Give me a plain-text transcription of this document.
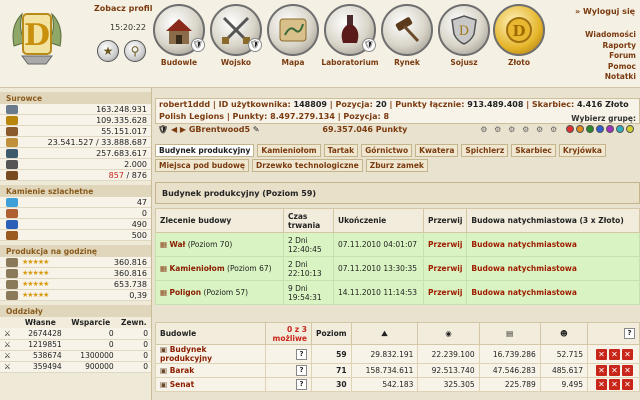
D
Zobacz profil
15:20:22
★	⚲	🛡
Budowle
🛡
Wojsko	Mapa
🛡
Laboratorium	Rynek
D
Sojusz
D
Złoto
» Wyloguj się
Wiadomości
Raporty
Forum
Pomoc
Notatki
Surowce
163.248.931
109.335.628
55.151.017
23.541.527 / 33.888.687
257.683.617
2.000
857 / 876
Kamienie szlachetne
47
0
490
500
Produkcja na godzinę
★★★★★	360.816
★★★★★	360.816
★★★★★	653.738
★★★★★	0,39
Oddziały
	Własne	Wsparcie	Zewn.
⚔	2674428	0	0
⚔	1219851	0	0
⚔	538674	1300000	0
⚔	359494	900000	0
robert1ddd | ID użytkownika: 148809 | Pozycja: 20 | Punkty łącznie: 913.489.408 | Skarbiec: 4.416 Złoto
Polish Legions | Punkty: 8.497.279.134 | Pozycja: 8
🛡 ◀ ▶ GBrentwood5 ✎	69.357.046 Punkty	⚙ ⚙ ⚙ ⚙ ⚙ ⚙
Wybierz grupę:
Budynek produkcyjny	Kamieniołom	Tartak	Górnictwo	Kwatera	Spichlerz	Skarbiec	Kryjówka
Miejsca pod budowę	Drzewko technologiczne	Zburz zamek
Budynek produkcyjny (Poziom 59)
Zlecenie budowy	Czas trwania	Ukończenie	Przerwij	Budowa natychmiastowa (3 x Złoto)
▦ Wał (Poziom 70)	2 Dni 12:40:45	07.11.2010 04:01:07	Przerwij	Budowa natychmiastowa
▦ Kamieniołom (Poziom 67)	2 Dni 22:10:13	07.11.2010 13:30:35	Przerwij	Budowa natychmiastowa
▦ Poligon (Poziom 57)	9 Dni 19:54:31	14.11.2010 11:14:53	Przerwij	Budowa natychmiastowa
Budowle	0 z 3 możliwe	Poziom	⛰	◉	▤	☻	?
▣ Budynek produkcyjny	?	59	29.832.191	22.239.100	16.739.286	52.715	✕ ✕ ✕
▣ Barak	?	71	158.734.611	92.513.740	47.546.283	485.617	✕ ✕ ✕
▣ Senat	?	30	542.183	325.305	225.789	9.495	✕ ✕ ✕
